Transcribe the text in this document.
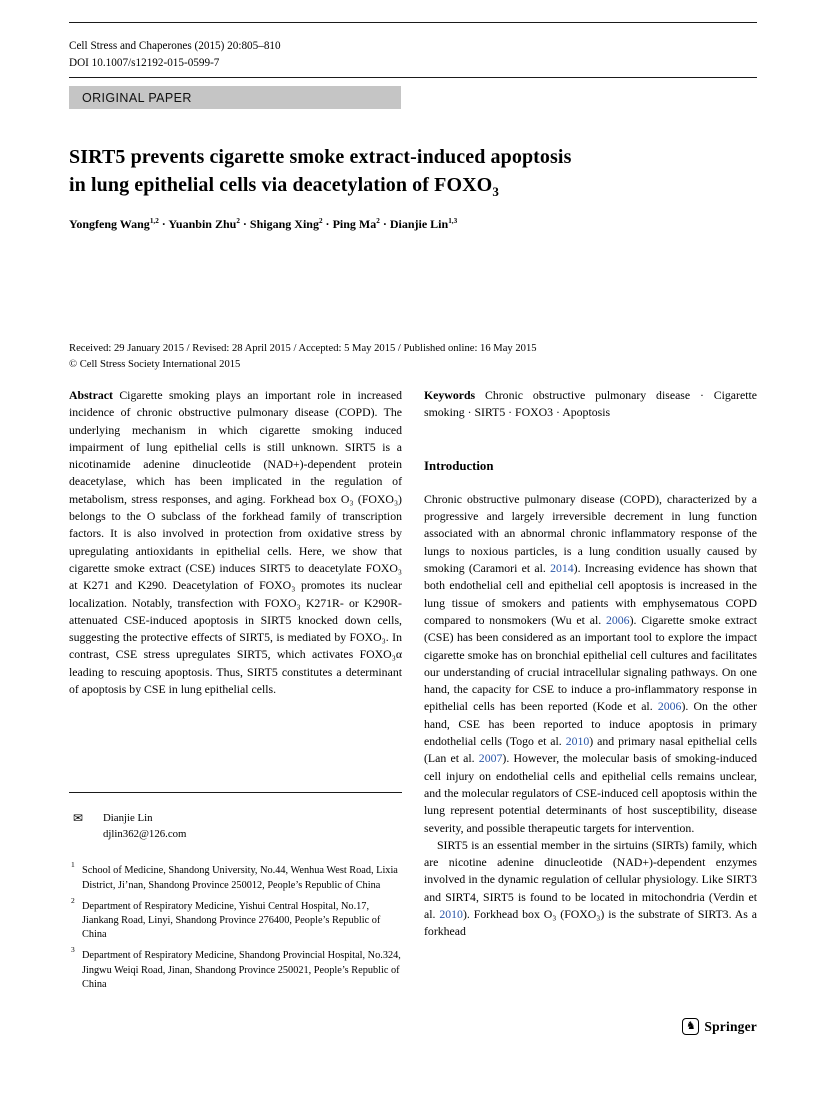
Cell Stress and Chaperones (2015) 20:805–810
DOI 10.1007/s12192-015-0599-7
ORIGINAL PAPER
SIRT5 prevents cigarette smoke extract-induced apoptosis
in lung epithelial cells via deacetylation of $FOXO_3$
Yongfeng Wang$^{1,2}$ · Yuanbin Zhu$^2$ · Shigang Xing$^2$ · Ping $Ma^2$ · Dianjie Lin$^{1,3}$
Received: 29 January 2015 / Revised: 28 April 2015 / Accepted: 5 May 2015 / Published online: 16 May 2015
© Cell Stress Society International 2015
Abstract Cigarette smoking plays an important role in increased incidence of chronic obstructive pulmonary disease (COPD). The underlying mechanism in which cigarette smoking induced impairment of lung epithelial cells is still unknown. SIRT5 is a nicotinamide adenine dinucleotide (NAD+)-dependent protein deacetylase, which has been implicated in the regulation of metabolism, stress responses, and aging. Forkhead box O₃ (FOXO₃) belongs to the O subclass of the forkhead family of transcription factors. It is also involved in protection from oxidative stress by upregulating antioxidants in epithelial cells. Here, we show that cigarette smoke extract (CSE) induces SIRT5 to deacetylate FOXO₃ at K271 and K290. Deacetylation of FOXO₃ promotes its nuclear localization. Notably, transfection with FOXO₃ K271R- or K290R-attenuated CSE-induced apoptosis in SIRT5 knocked down cells, suggesting the protective effects of SIRT5, is mediated by FOXO₃. In contrast, CSE stress upregulates SIRT5, which activates FOXO₃α leading to rescuing apoptosis. Thus, SIRT5 constitutes a determinant of apoptosis by CSE in lung epithelial cells.
✉	Dianjie Lin
djlin362@126.com
1
School of Medicine, Shandong University, No.44, Wenhua West Road, Lixia District, Ji’nan, Shandong Province 250012, People’s Republic of China
2
Department of Respiratory Medicine, Yishui Central Hospital, No.17, Jiankang Road, Linyi, Shandong Province 276400, People’s Republic of China
3
Department of Respiratory Medicine, Shandong Provincial Hospital, No.324, Jingwu Weiqi Road, Jinan, Shandong Province 250021, People’s Republic of China
Keywords Chronic obstructive pulmonary disease · Cigarette smoking · SIRT5 · FOXO3 · Apoptosis
Introduction
Chronic obstructive pulmonary disease (COPD), characterized by a progressive and largely irreversible decrement in lung function associated with an abnormal chronic inflammatory response of the lungs to noxious particles, is a lung condition usually caused by smoking (Caramori et al. 2014). Increasing evidence has shown that both endothelial cell and epithelial cell apoptosis is increased in the lung tissue of smokers and patients with emphysematous COPD compared to nonsmokers (Wu et al. 2006). Cigarette smoke extract (CSE) has been considered as an important tool to explore the impact cigarette smoke has on bronchial epithelial cell cultures and facilitates our understanding of crucial intracellular signaling pathways. On one hand, the capacity for CSE to induce a pro-inflammatory response in epithelial cells has been reported (Kode et al. 2006). On the other hand, CSE has been reported to induce apoptosis in primary endothelial cells (Togo et al. 2010) and primary nasal epithelial cells (Lan et al. 2007). However, the molecular basis of smoking-induced cell injury on endothelial cells and epithelial cells remains unclear, and the molecular regulators of CSE-induced cell apoptosis within the lung represent potential determinants of host susceptibility, disease severity, and possible therapeutic targets for intervention.
SIRT5 is an essential member in the sirtuins (SIRTs) family, which are nicotine adenine dinucleotide (NAD+)-dependent enzymes involved in the dynamic regulation of cellular physiology. Like SIRT3 and SIRT4, SIRT5 is found to be located in mitochondria (Verdin et al. 2010). Forkhead box O₃ (FOXO₃) is the substrate of SIRT3. As a forkhead
♞ Springer
